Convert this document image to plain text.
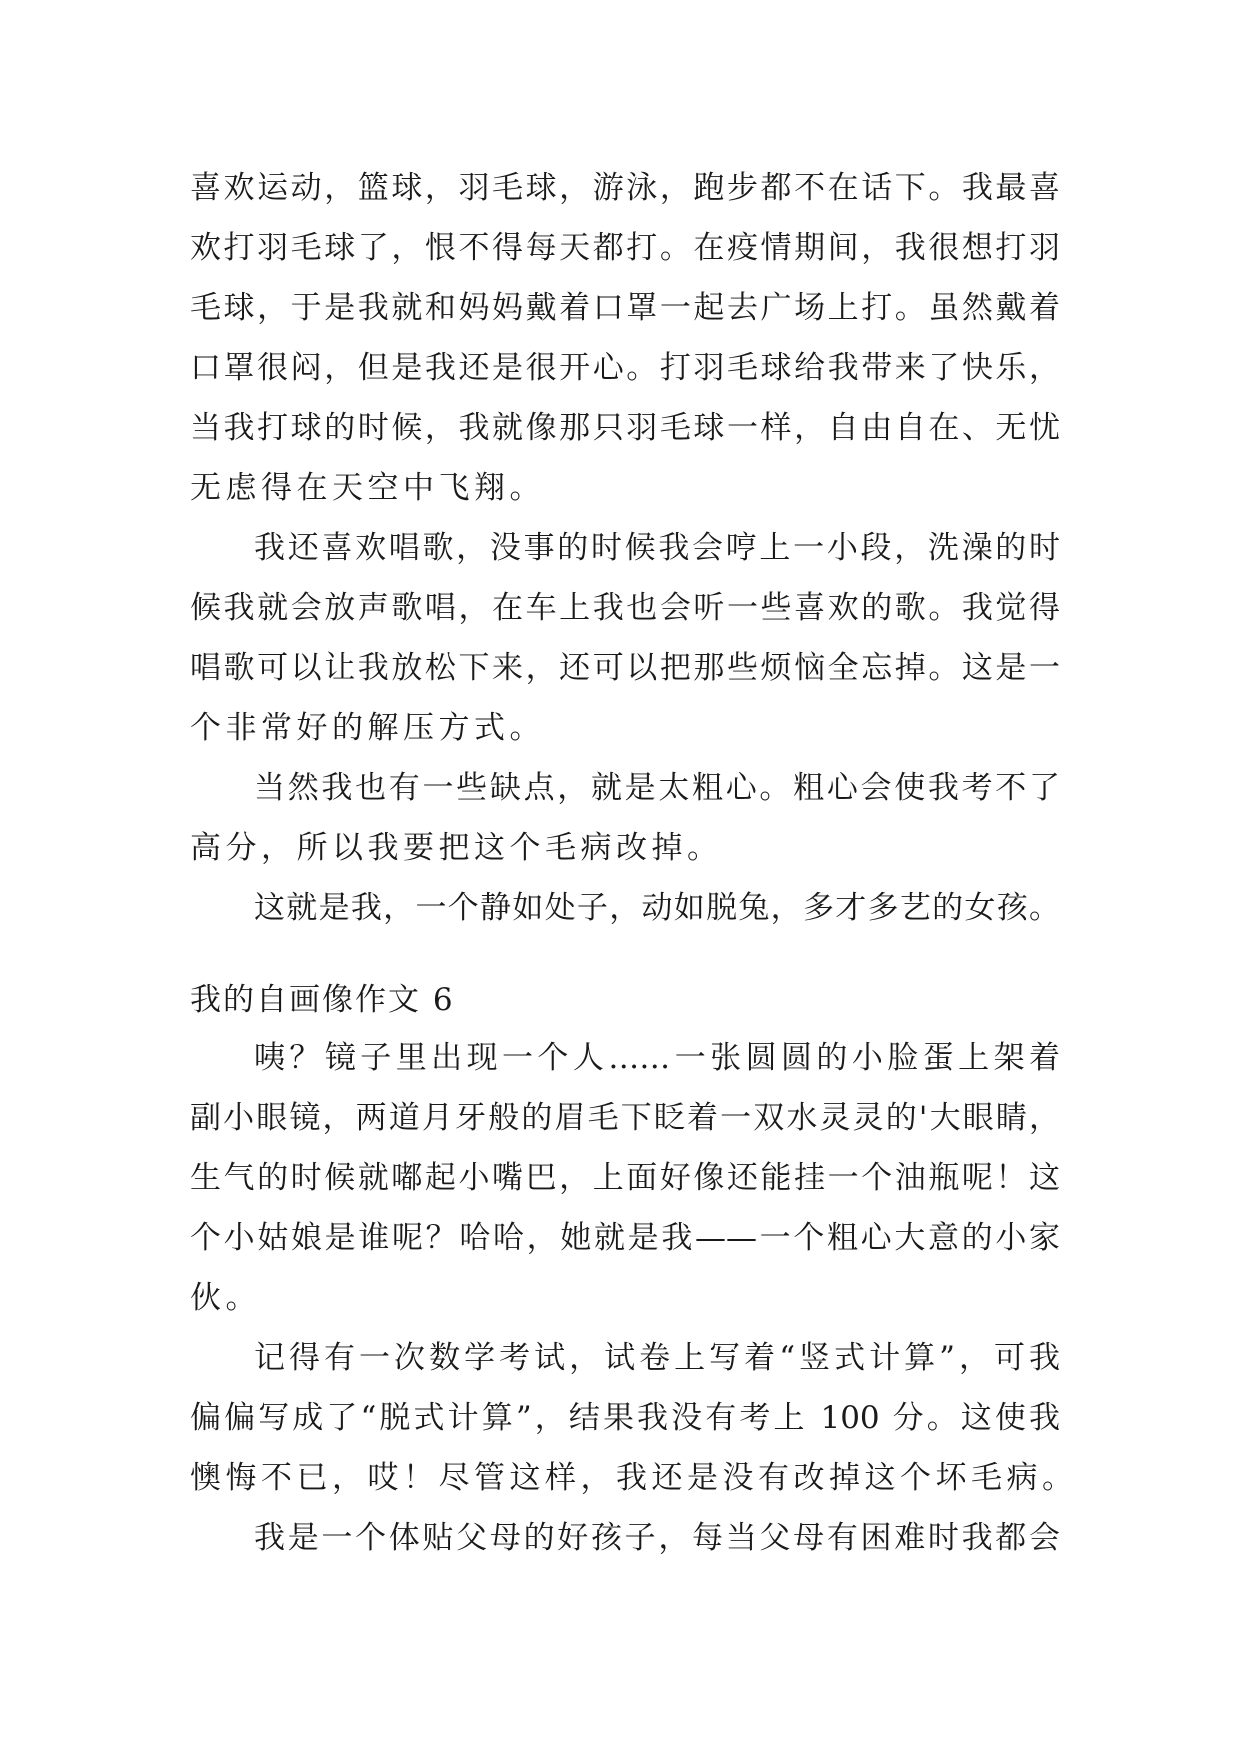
喜欢运动，篮球，羽毛球，游泳，跑步都不在话下。我最喜
欢打羽毛球了，恨不得每天都打。在疫情期间，我很想打羽
毛球，于是我就和妈妈戴着口罩一起去广场上打。虽然戴着
口罩很闷，但是我还是很开心。打羽毛球给我带来了快乐，
当我打球的时候，我就像那只羽毛球一样，自由自在、无忧
无虑得在天空中飞翔。
我还喜欢唱歌，没事的时候我会哼上一小段，洗澡的时
候我就会放声歌唱，在车上我也会听一些喜欢的歌。我觉得
唱歌可以让我放松下来，还可以把那些烦恼全忘掉。这是一
个非常好的解压方式。
当然我也有一些缺点，就是太粗心。粗心会使我考不了
高分，所以我要把这个毛病改掉。
这就是我，一个静如处子，动如脱兔，多才多艺的女孩。
我的自画像作文 6
咦？镜子里出现一个人……一张圆圆的小脸蛋上架着
副小眼镜，两道月牙般的眉毛下眨着一双水灵灵的'大眼睛，
生气的时候就嘟起小嘴巴，上面好像还能挂一个油瓶呢！这
个小姑娘是谁呢？哈哈，她就是我——一个粗心大意的小家
伙。
记得有一次数学考试，试卷上写着“竖式计算”，可我
偏偏写成了“脱式计算”，结果我没有考上 100 分。这使我
懊悔不已，哎！尽管这样，我还是没有改掉这个坏毛病。
我是一个体贴父母的好孩子，每当父母有困难时我都会
